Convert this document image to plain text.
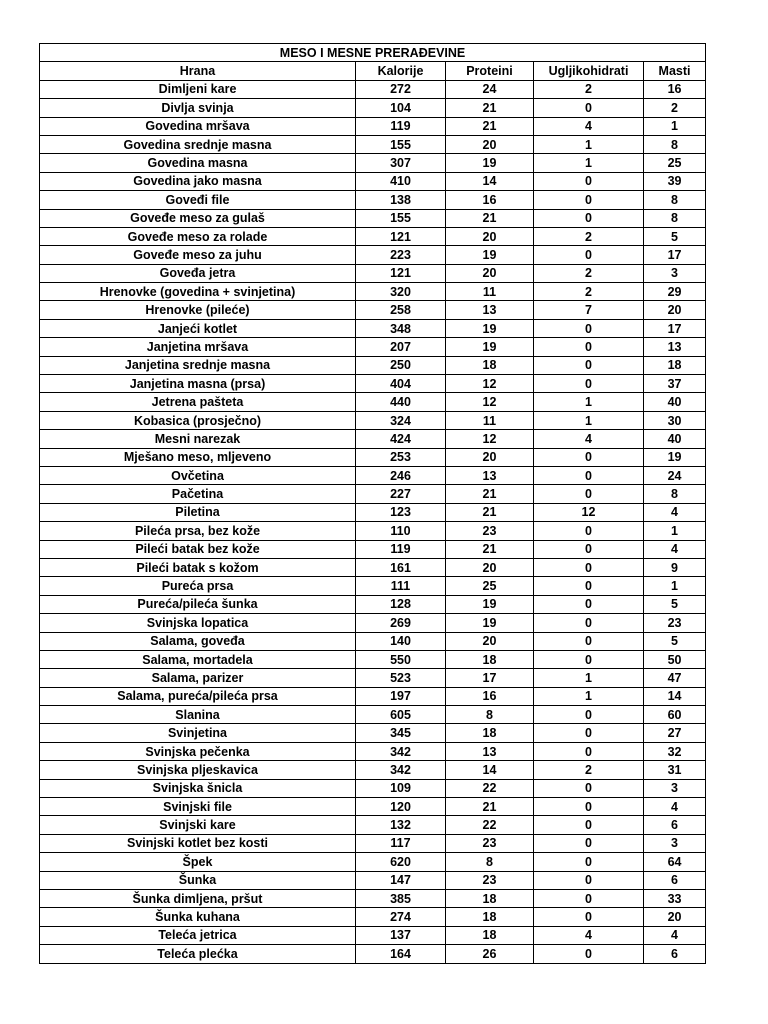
MESO I MESNE PRERAĐEVINE				
Hrana	Kalorije	Proteini	Ugljikohidrati	Masti
Dimljeni kare	272	24	2	16
Divlja svinja	104	21	0	2
Govedina mršava	119	21	4	1
Govedina srednje masna	155	20	1	8
Govedina masna	307	19	1	25
Govedina jako masna	410	14	0	39
Goveđi file	138	16	0	8
Goveđe meso za gulaš	155	21	0	8
Goveđe meso za rolade	121	20	2	5
Goveđe meso za juhu	223	19	0	17
Goveđa jetra	121	20	2	3
Hrenovke (govedina + svinjetina)	320	11	2	29
Hrenovke (pileće)	258	13	7	20
Janjeći kotlet	348	19	0	17
Janjetina mršava	207	19	0	13
Janjetina srednje masna	250	18	0	18
Janjetina masna (prsa)	404	12	0	37
Jetrena pašteta	440	12	1	40
Kobasica (prosječno)	324	11	1	30
Mesni narezak	424	12	4	40
Mješano meso, mljeveno	253	20	0	19
Ovčetina	246	13	0	24
Pačetina	227	21	0	8
Piletina	123	21	12	4
Pileća prsa, bez kože	110	23	0	1
Pileći batak bez kože	119	21	0	4
Pileći batak s kožom	161	20	0	9
Pureća prsa	111	25	0	1
Pureća/pileća šunka	128	19	0	5
Svinjska lopatica	269	19	0	23
Salama, goveđa	140	20	0	5
Salama, mortadela	550	18	0	50
Salama, parizer	523	17	1	47
Salama, pureća/pileća prsa	197	16	1	14
Slanina	605	8	0	60
Svinjetina	345	18	0	27
Svinjska pečenka	342	13	0	32
Svinjska pljeskavica	342	14	2	31
Svinjska šnicla	109	22	0	3
Svinjski file	120	21	0	4
Svinjski kare	132	22	0	6
Svinjski kotlet bez kosti	117	23	0	3
Špek	620	8	0	64
Šunka	147	23	0	6
Šunka dimljena, pršut	385	18	0	33
Šunka kuhana	274	18	0	20
Teleća jetrica	137	18	4	4
Teleća plećka	164	26	0	6
